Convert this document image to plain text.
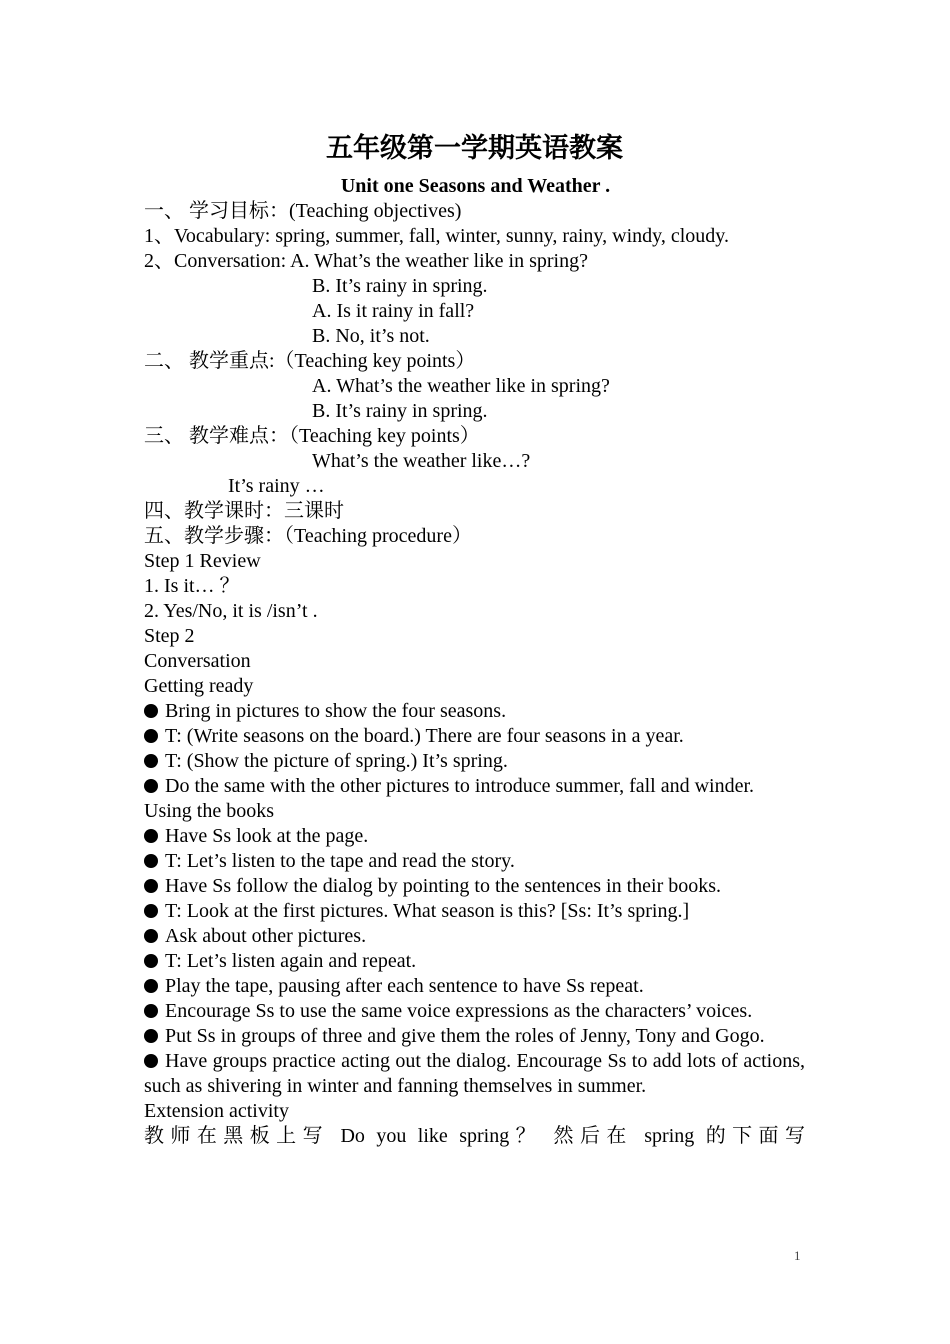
五年级第一学期英语教案
Unit one Seasons and Weather .
一、 学习目标：(Teaching objectives)
1、Vocabulary: spring, summer, fall, winter, sunny, rainy, windy, cloudy.
2、Conversation: A. What’s the weather like in spring?
B. It’s rainy in spring.
A. Is it rainy in fall?
B. No, it’s not.
二、 教学重点:（Teaching key points）
A. What’s the weather like in spring?
B. It’s rainy in spring.
三、 教学难点：（Teaching key points）
What’s the weather like…?
It’s rainy …
四、教学课时：三课时
五、教学步骤：（Teaching procedure）
Step 1 Review
1. Is it… ？
2. Yes/No, it is /isn’t .
Step 2
Conversation
Getting ready
Bring in pictures to show the four seasons.
T: (Write seasons on the board.) There are four seasons in a year.
T: (Show the picture of spring.) It’s spring.
Do the same with the other pictures to introduce summer, fall and winder.
Using the books
Have Ss look at the page.
T: Let’s listen to the tape and read the story.
Have Ss follow the dialog by pointing to the sentences in their books.
T: Look at the first pictures. What season is this? [Ss: It’s spring.]
Ask about other pictures.
T: Let’s listen again and repeat.
Play the tape, pausing after each sentence to have Ss repeat.
Encourage Ss to use the same voice expressions as the characters’ voices.
Put Ss in groups of three and give them the roles of Jenny, Tony and Gogo.
Have groups practice acting out the dialog. Encourage Ss to add lots of actions, such as shivering in winter and fanning themselves in summer.
Extension activity
教师在黑板上写 Do you like spring？ 然后在 spring 的下面写
1
